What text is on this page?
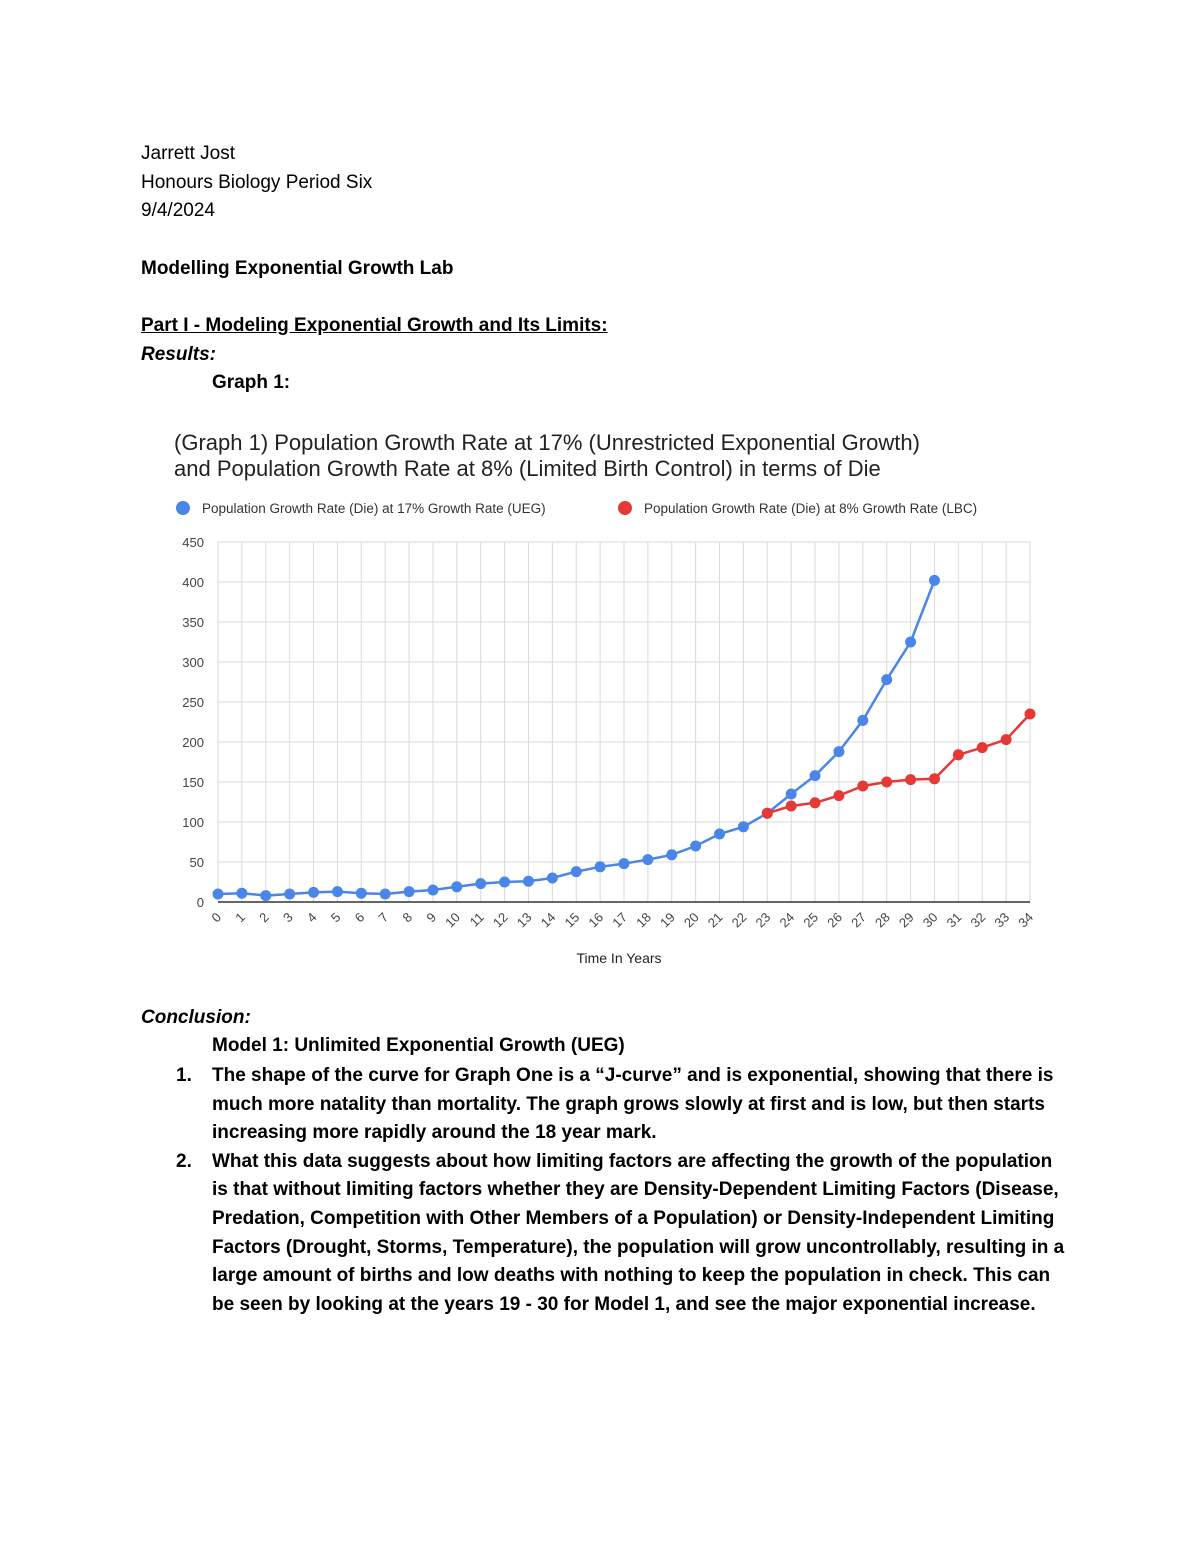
Jarrett Jost
Honours Biology Period Six
9/4/2024
Modelling Exponential Growth Lab
Part I - Modeling Exponential Growth and Its Limits:
Results:
Graph 1:
(Graph 1) Population Growth Rate at 17% (Unrestricted Exponential Growth)
and Population Growth Rate at 8% (Limited Birth Control) in terms of Die
Population Growth Rate (Die) at 17% Growth Rate (UEG)	Population Growth Rate (Die) at 8% Growth Rate (LBC)
0
50
100
150
200
250
300
350
400
450
0 1 2 3 4 5 6 7 8 9 10 11 12 13 14 15 16 17 18 19 20 21 22 23 24 25 26 27 28 29 30 31 32 33 34
Time In Years
Conclusion:
Model 1: Unlimited Exponential Growth (UEG)
1. The shape of the curve for Graph One is a “J-curve” and is exponential, showing that there is much more natality than mortality. The graph grows slowly at first and is low, but then starts increasing more rapidly around the 18 year mark.
2. What this data suggests about how limiting factors are affecting the growth of the population is that without limiting factors whether they are Density-Dependent Limiting Factors (Disease, Predation, Competition with Other Members of a Population) or Density-Independent Limiting Factors (Drought, Storms, Temperature), the population will grow uncontrollably, resulting in a large amount of births and low deaths with nothing to keep the population in check. This can be seen by looking at the years 19 - 30 for Model 1, and see the major exponential increase.
